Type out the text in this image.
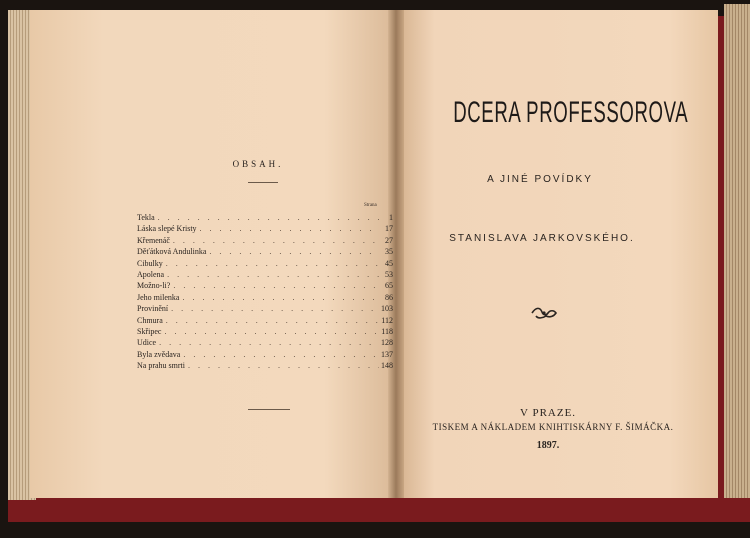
OBSAH.
Strana
Tekla . . .	1
Láska slepé Kristy . . .	17
Křemenáč . . .	27
Děťátková Andulinka . . .	35
Cibulky . . .	45
Apolena . . .	53
Možno-li? . . .	65
Jeho milenka . . .	86
Provinění . . .	103
Chmura . . .	112
Skřipec . . .	118
Udice . . .	128
Byla zvědava . . .	137
Na prahu smrti . . .	148
DCERA PROFESSOROVA
A JINÉ POVÍDKY
STANISLAVA JARKOVSKÉHO.
V PRAZE.
TISKEM A NÁKLADEM KNIHTISKÁRNY F. ŠIMÁČKA.
1897.
